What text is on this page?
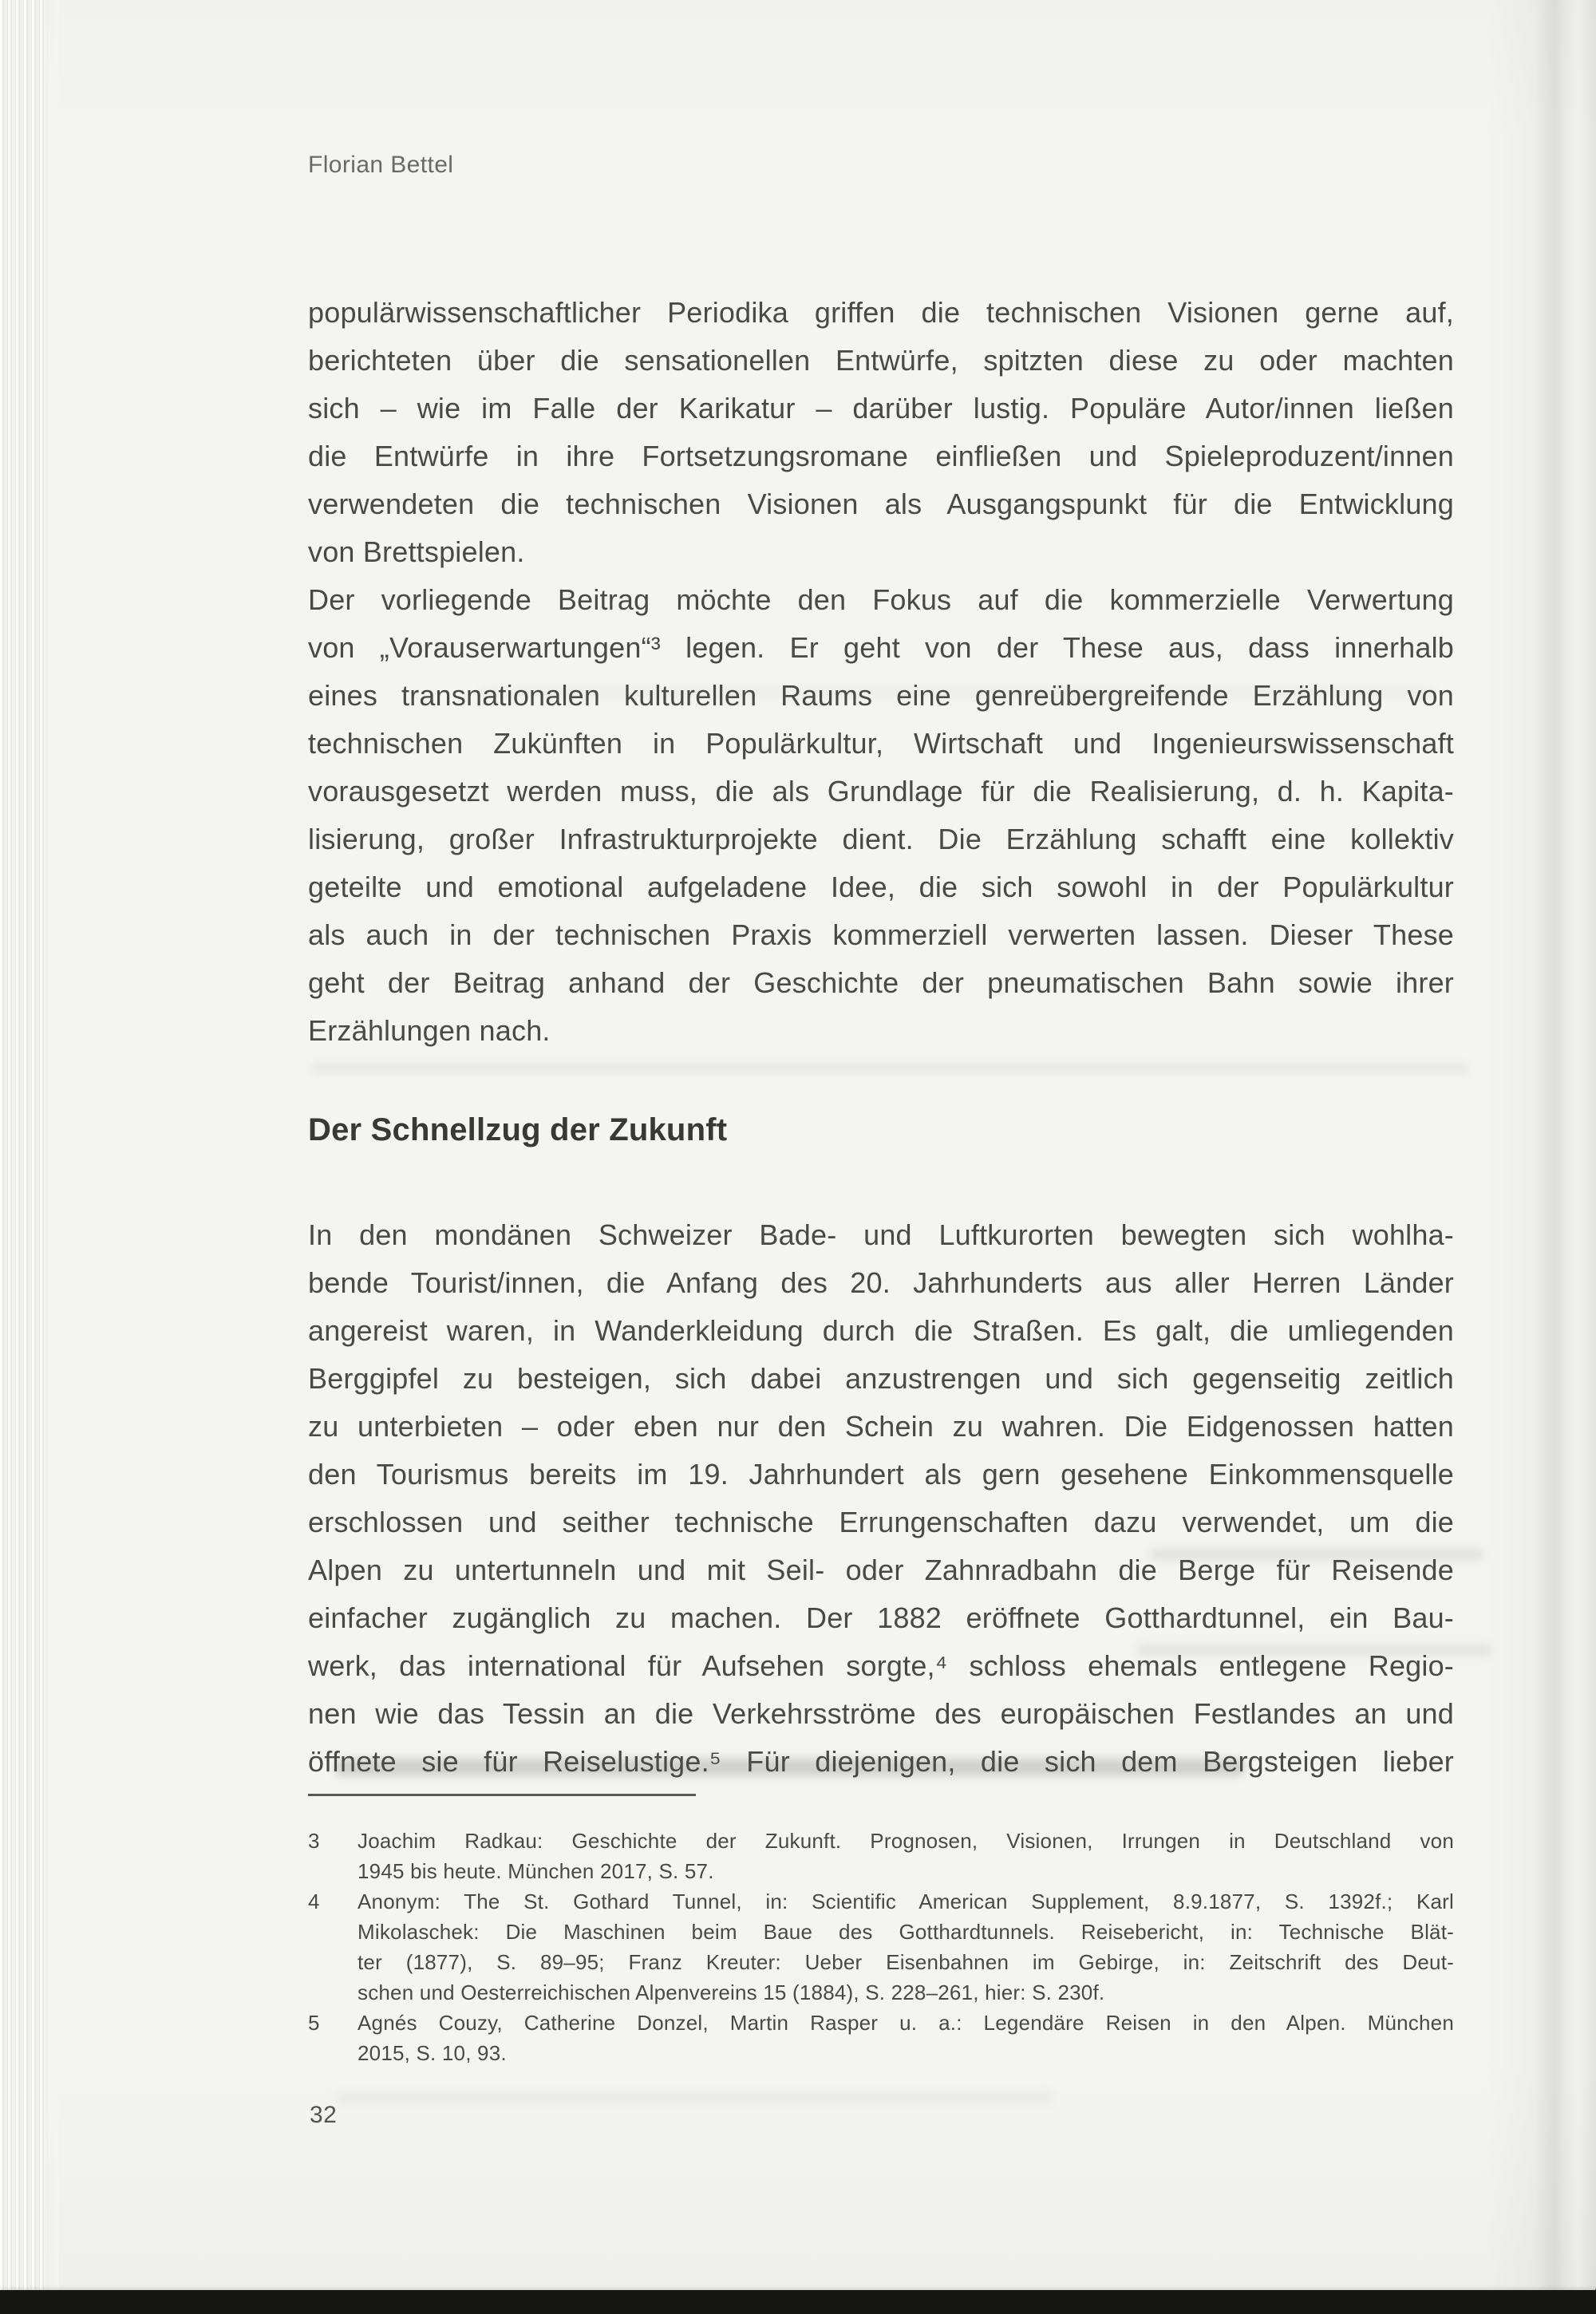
Florian Bettel
populärwissenschaftlicher Periodika griffen die technischen Visionen gerne auf,
berichteten über die sensationellen Entwürfe, spitzten diese zu oder machten
sich – wie im Falle der Karikatur – darüber lustig. Populäre Autor/innen ließen
die Entwürfe in ihre Fortsetzungsromane einfließen und Spieleproduzent/innen
verwendeten die technischen Visionen als Ausgangspunkt für die Entwicklung
von Brettspielen.
Der vorliegende Beitrag möchte den Fokus auf die kommerzielle Verwertung
von „Vorauserwartungen“³ legen. Er geht von der These aus, dass innerhalb
eines transnationalen kulturellen Raums eine genreübergreifende Erzählung von
technischen Zukünften in Populärkultur, Wirtschaft und Ingenieurswissenschaft
vorausgesetzt werden muss, die als Grundlage für die Realisierung, d. h. Kapita-
lisierung, großer Infrastrukturprojekte dient. Die Erzählung schafft eine kollektiv
geteilte und emotional aufgeladene Idee, die sich sowohl in der Populärkultur
als auch in der technischen Praxis kommerziell verwerten lassen. Dieser These
geht der Beitrag anhand der Geschichte der pneumatischen Bahn sowie ihrer
Erzählungen nach.
Der Schnellzug der Zukunft
In den mondänen Schweizer Bade- und Luftkurorten bewegten sich wohlha-
bende Tourist/innen, die Anfang des 20. Jahrhunderts aus aller Herren Länder
angereist waren, in Wanderkleidung durch die Straßen. Es galt, die umliegenden
Berggipfel zu besteigen, sich dabei anzustrengen und sich gegenseitig zeitlich
zu unterbieten – oder eben nur den Schein zu wahren. Die Eidgenossen hatten
den Tourismus bereits im 19. Jahrhundert als gern gesehene Einkommensquelle
erschlossen und seither technische Errungenschaften dazu verwendet, um die
Alpen zu untertunneln und mit Seil- oder Zahnradbahn die Berge für Reisende
einfacher zugänglich zu machen. Der 1882 eröffnete Gotthardtunnel, ein Bau-
werk, das international für Aufsehen sorgte,⁴ schloss ehemals entlegene Regio-
nen wie das Tessin an die Verkehrsströme des europäischen Festlandes an und
öffnete sie für Reiselustige.⁵ Für diejenigen, die sich dem Bergsteigen lieber
3	Joachim Radkau: Geschichte der Zukunft. Prognosen, Visionen, Irrungen in Deutschland von
1945 bis heute. München 2017, S. 57.
4	Anonym: The St. Gothard Tunnel, in: Scientific American Supplement, 8.9.1877, S. 1392f.; Karl
Mikolaschek: Die Maschinen beim Baue des Gotthardtunnels. Reisebericht, in: Technische Blät-
ter (1877), S. 89–95; Franz Kreuter: Ueber Eisenbahnen im Gebirge, in: Zeitschrift des Deut-
schen und Oesterreichischen Alpenvereins 15 (1884), S. 228–261, hier: S. 230f.
5	Agnés Couzy, Catherine Donzel, Martin Rasper u. a.: Legendäre Reisen in den Alpen. München
2015, S. 10, 93.
32
